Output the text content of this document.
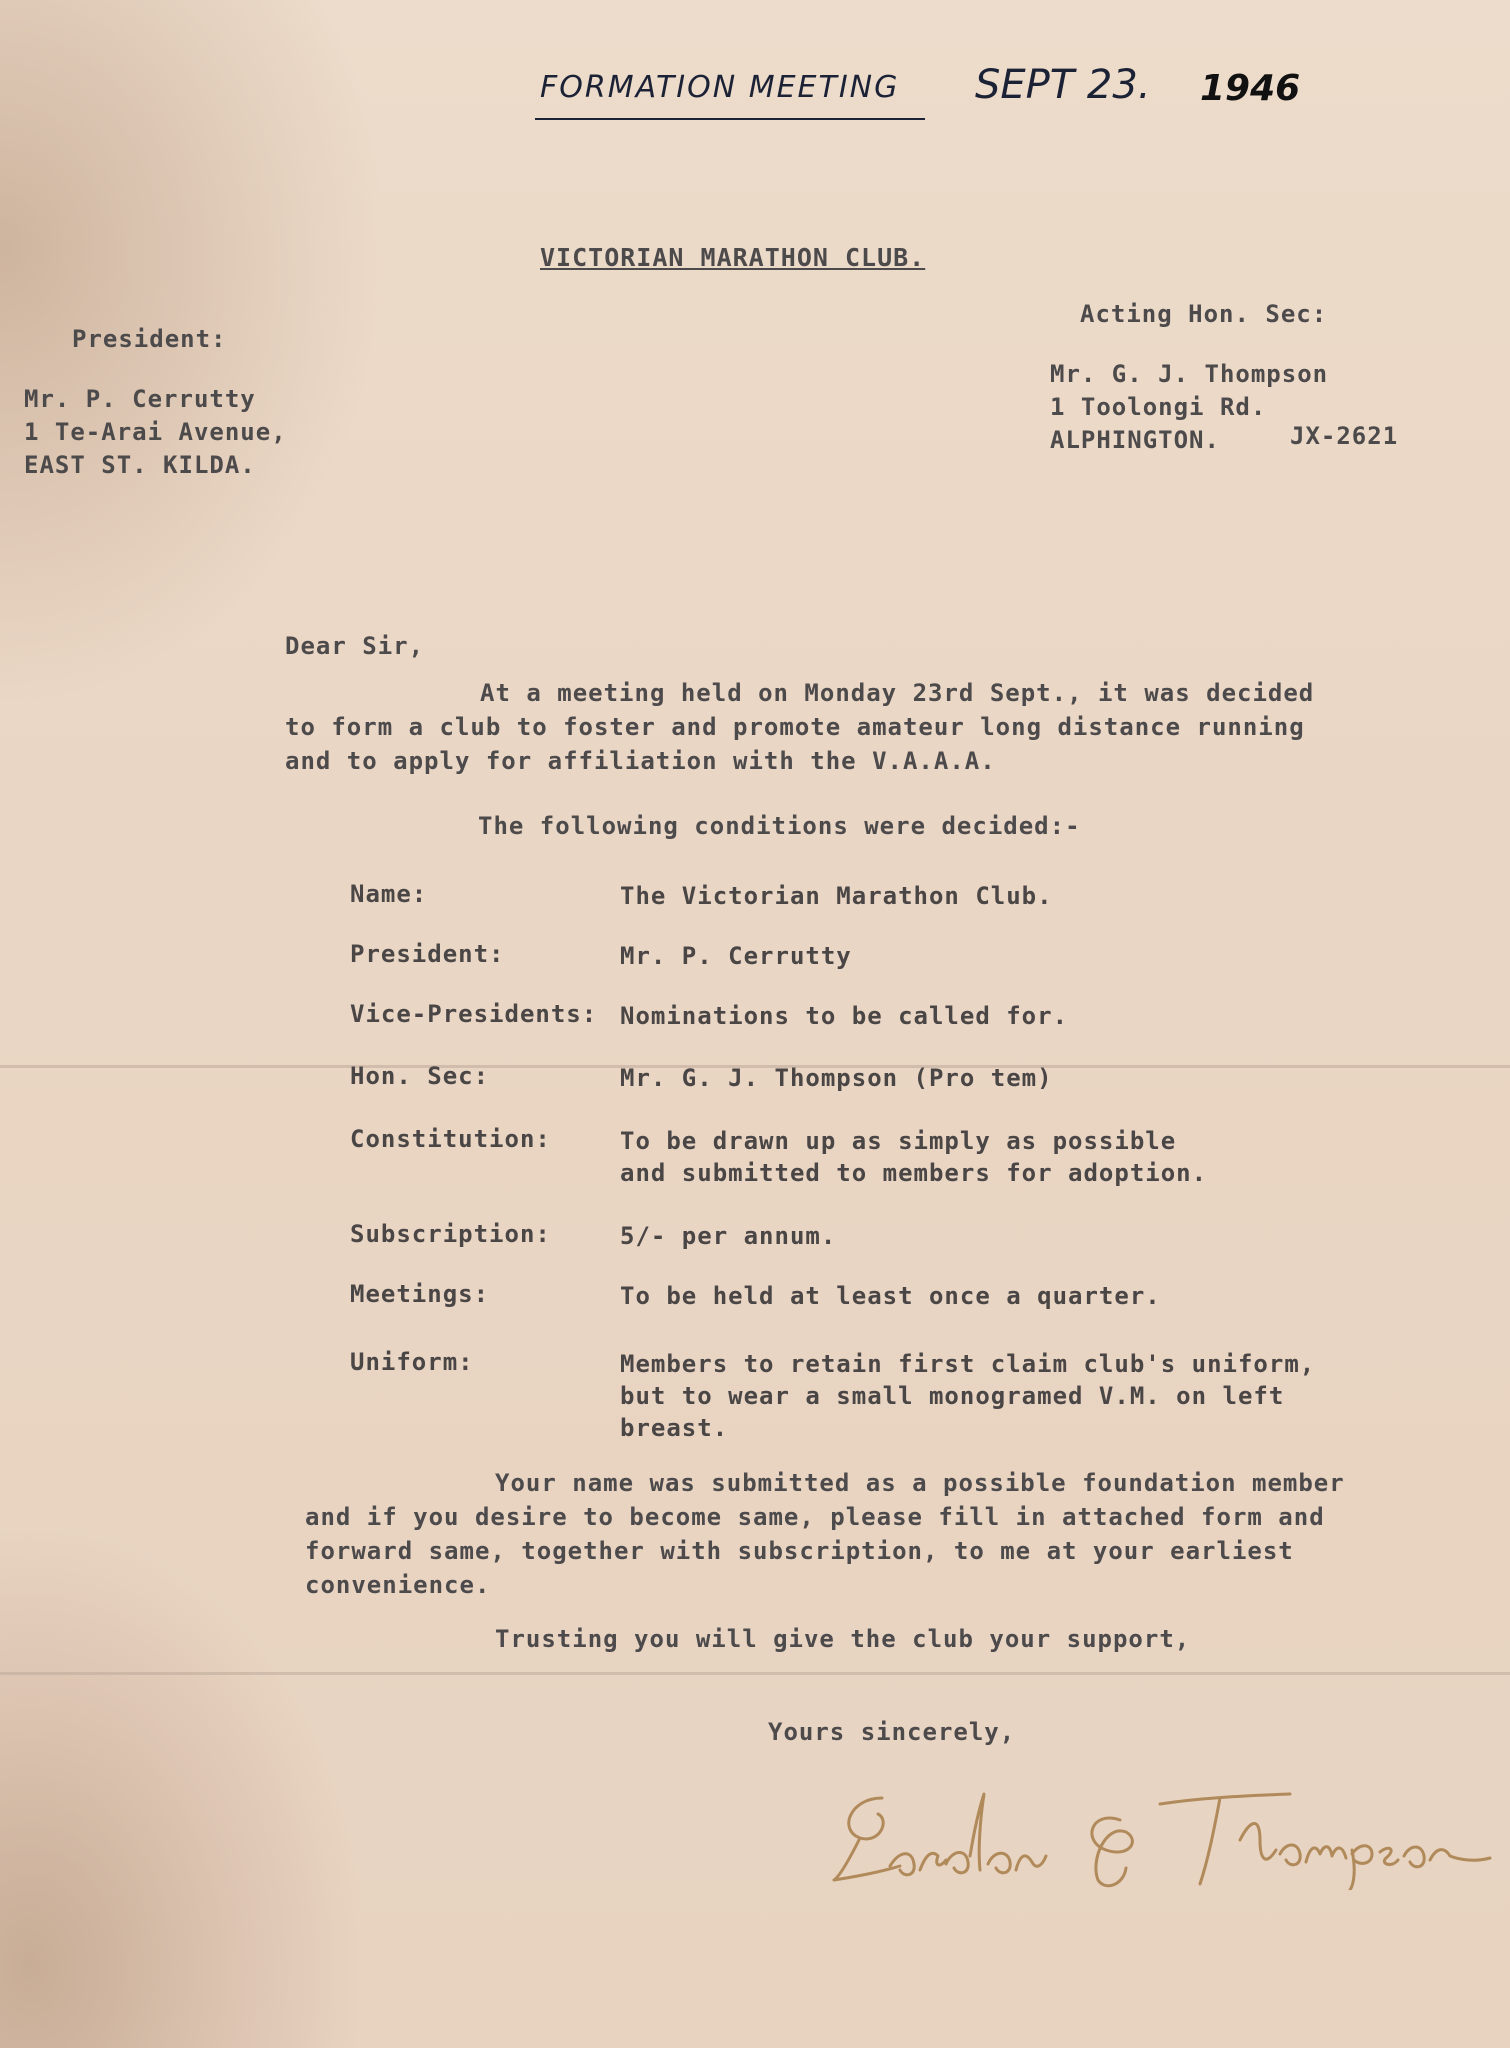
FORMATION MEETING SEPT 23. 1946
VICTORIAN MARATHON CLUB.
President:
Mr. P. Cerrutty
1 Te-Arai Avenue,
EAST ST. KILDA.
Acting Hon. Sec:
Mr. G. J. Thompson
1 Toolongi Rd.
ALPHINGTON.	JX-2621
Dear Sir,
At a meeting held on Monday 23rd Sept., it was decided
to form a club to foster and promote amateur long distance running
and to apply for affiliation with the V.A.A.A.
The following conditions were decided:-
Name:	The Victorian Marathon Club.
President:	Mr. P. Cerrutty
Vice-Presidents: Nominations to be called for.
Hon. Sec:	Mr. G. J. Thompson (Pro tem)
Constitution:	To be drawn up as simply as possible
and submitted to members for adoption.
Subscription:	5/- per annum.
Meetings:	To be held at least once a quarter.
Uniform:	Members to retain first claim club's uniform,
but to wear a small monogramed V.M. on left
breast.
Your name was submitted as a possible foundation member
and if you desire to become same, please fill in attached form and
forward same, together with subscription, to me at your earliest
convenience.
Trusting you will give the club your support,
Yours sincerely,
